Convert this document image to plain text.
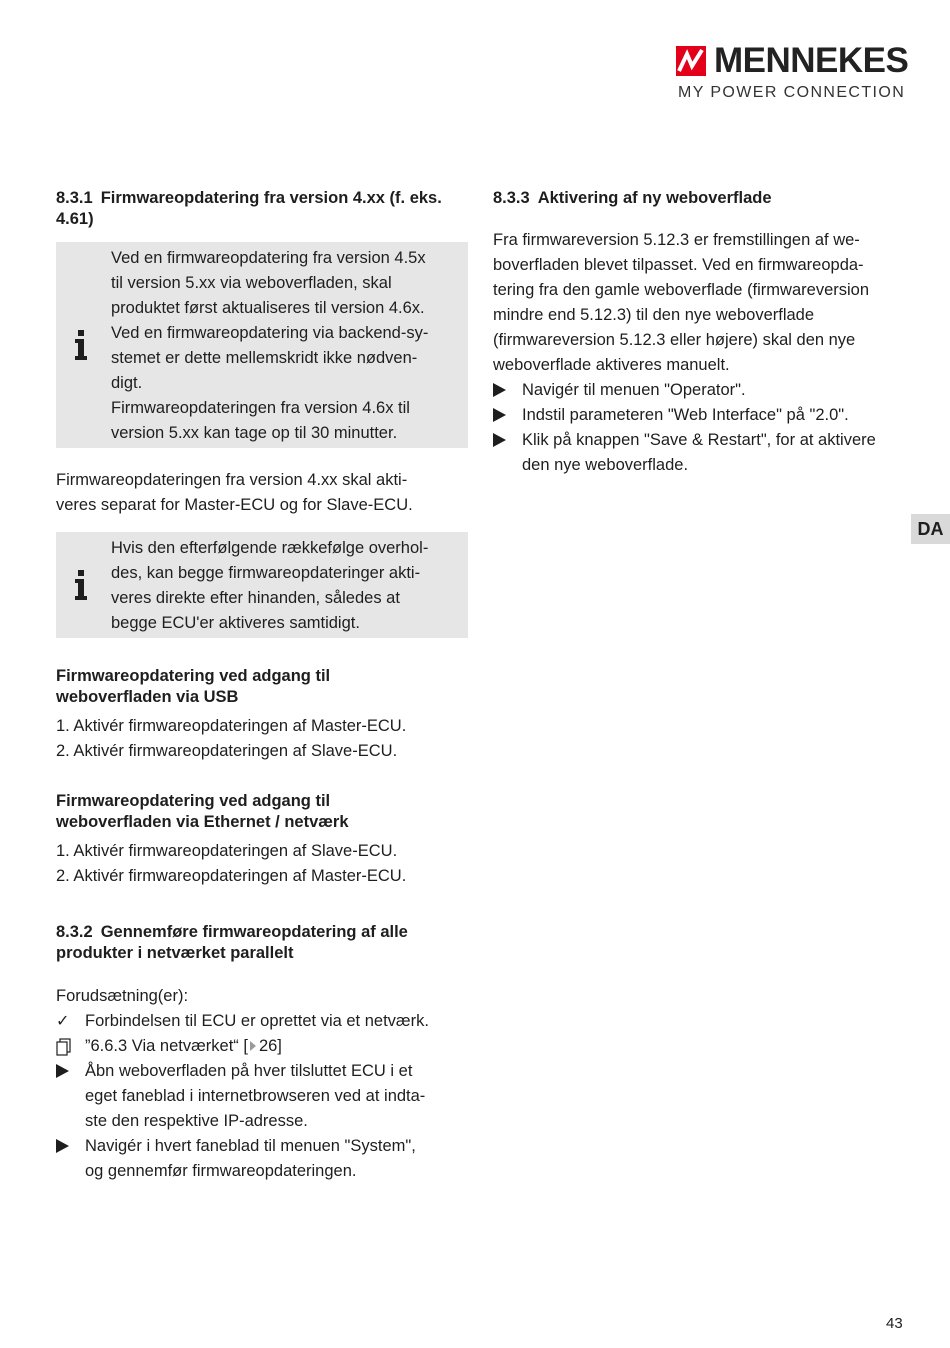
MENNEKES
MY POWER CONNECTION
8.3.1 Firmwareopdatering fra version 4.xx (f. eks. 4.61)
Ved en firmwareopdatering fra version 4.5x
til version 5.xx via weboverfladen, skal
produktet først aktualiseres til version 4.6x.
Ved en firmwareopdatering via backend-sy-
stemet er dette mellemskridt ikke nødven-
digt.
Firmwareopdateringen fra version 4.6x til
version 5.xx kan tage op til 30 minutter.
Firmwareopdateringen fra version 4.xx skal akti-
veres separat for Master-ECU og for Slave-ECU.
Hvis den efterfølgende rækkefølge overhol-
des, kan begge firmwareopdateringer akti-
veres direkte efter hinanden, således at
begge ECU'er aktiveres samtidigt.
Firmwareopdatering ved adgang til
weboverfladen via USB
1. Aktivér firmwareopdateringen af Master-ECU.
2. Aktivér firmwareopdateringen af Slave-ECU.
Firmwareopdatering ved adgang til
weboverfladen via Ethernet / netværk
1. Aktivér firmwareopdateringen af Slave-ECU.
2. Aktivér firmwareopdateringen af Master-ECU.
8.3.2 Gennemføre firmwareopdatering af alle
produkter i netværket parallelt
Forudsætning(er):
✓ Forbindelsen til ECU er oprettet via et netværk.
”6.6.3 Via netværket“ [ 26]
Åbn weboverfladen på hver tilsluttet ECU i et
eget faneblad i internetbrowseren ved at indta-
ste den respektive IP-adresse.
Navigér i hvert faneblad til menuen "System",
og gennemfør firmwareopdateringen.
8.3.3 Aktivering af ny weboverflade
Fra firmwareversion 5.12.3 er fremstillingen af we-
boverfladen blevet tilpasset. Ved en firmwareopda-
tering fra den gamle weboverflade (firmwareversion
mindre end 5.12.3) til den nye weboverflade
(firmwareversion 5.12.3 eller højere) skal den nye
weboverflade aktiveres manuelt.
Navigér til menuen "Operator".
Indstil parameteren "Web Interface" på "2.0".
Klik på knappen "Save & Restart", for at aktivere
den nye weboverflade.
DA
43
